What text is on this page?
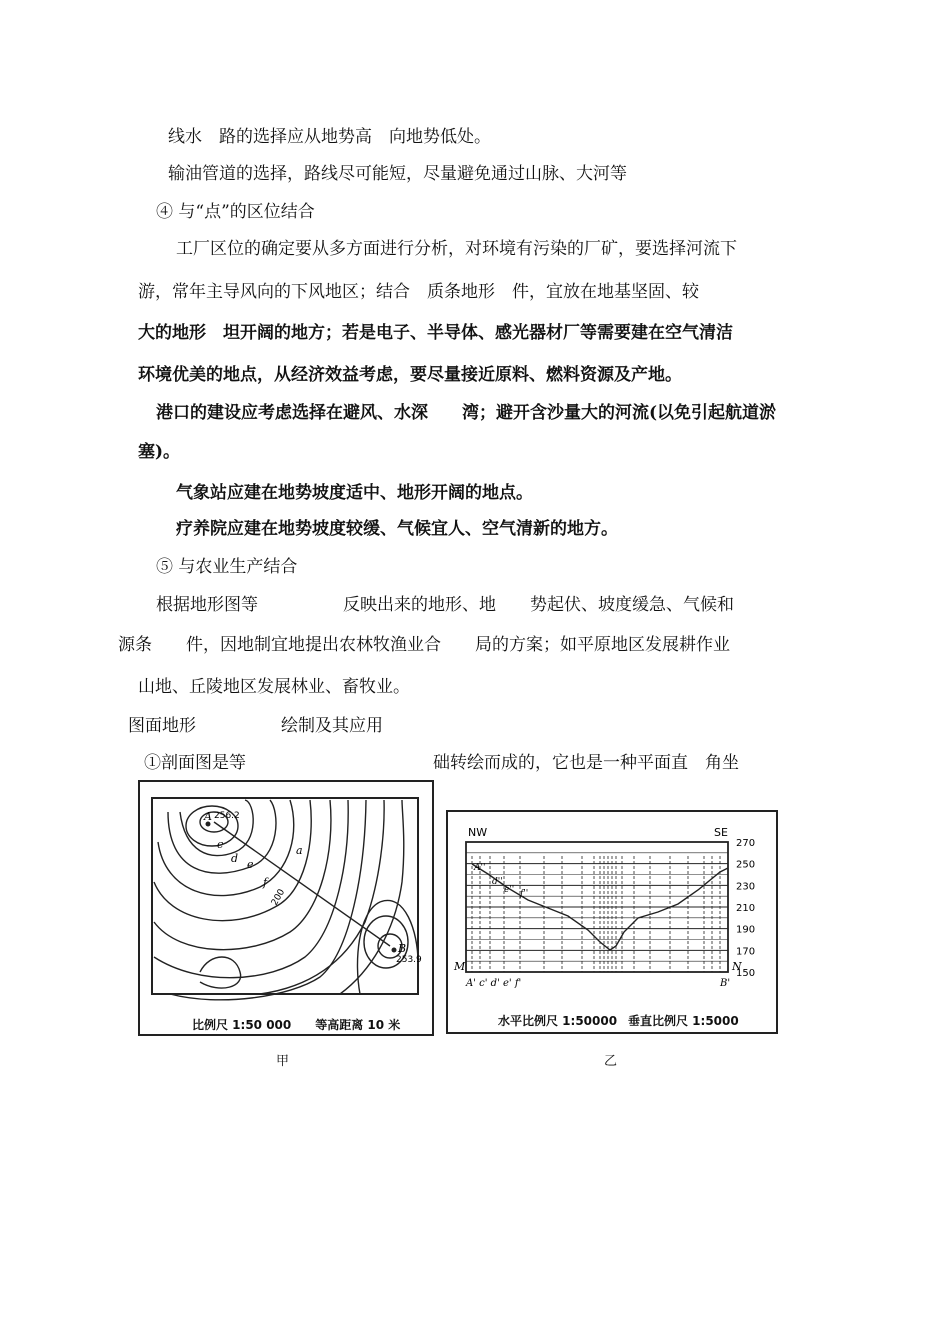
线水　路的选择应从地势高　向地势低处。
输油管道的选择，路线尽可能短，尽量避免通过山脉、大河等
④ 与“点”的区位结合
工厂区位的确定要从多方面进行分析，对环境有污染的厂矿，要选择河流下
游，常年主导风向的下风地区；结合　质条地形　件，宜放在地基坚固、较
大的地形　坦开阔的地方；若是电子、半导体、感光器材厂等需要建在空气清洁
环境优美的地点，从经济效益考虑，要尽量接近原料、燃料资源及产地。
港口的建设应考虑选择在避风、水深　　湾；避开含沙量大的河流(以免引起航道淤
塞)。
气象站应建在地势坡度适中、地形开阔的地点。
疗养院应建在地势坡度较缓、气候宜人、空气清新的地方。
⑤ 与农业生产结合
根据地形图等　　　　　反映出来的地形、地　　势起伏、坡度缓急、气候和
源条　　件，因地制宜地提出农林牧渔业合　　局的方案；如平原地区发展耕作业
山地、丘陵地区发展林业、畜牧业。
图面地形　　　　　绘制及其应用
①剖面图是等　　　　　　　　　　　础转绘而成的，它也是一种平面直　角坐
256.2
253.9
B
A
c
d e
f
a
200
比例尺 1:50 000　　等高距离 10 米
甲
NW	SE
M	N
A' c' d' e' f'	B'
A''
d''
e'' f''
270
250
230
210
190
170
150
水平比例尺 1:50000 垂直比例尺 1:5000
乙
